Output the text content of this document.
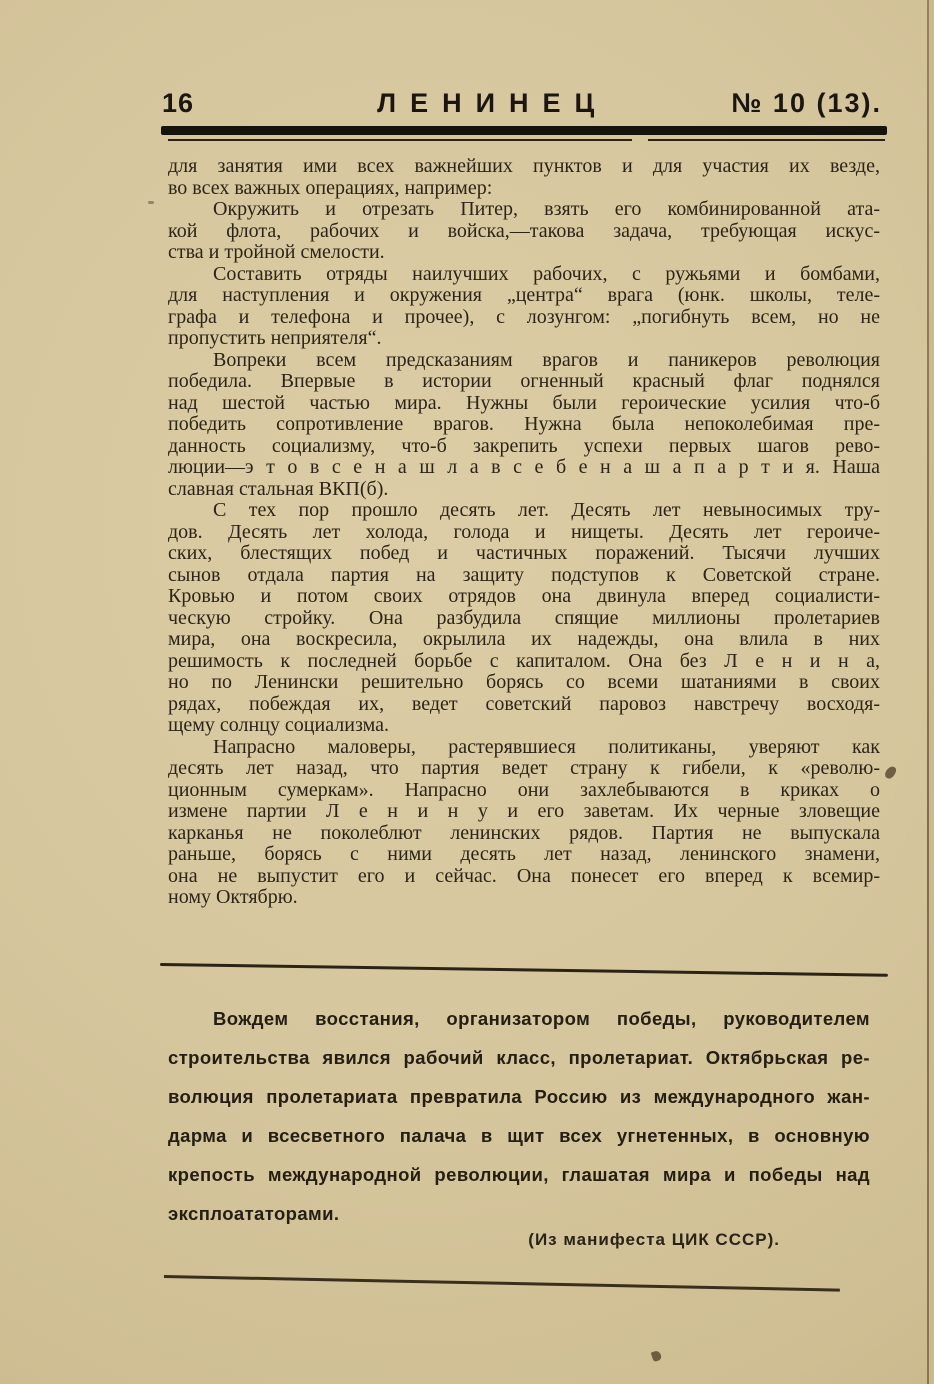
16	ЛЕНИНЕЦ	№ 10 (13).
для занятия ими всех важнейших пунктов и для участия их везде,
во всех важных операциях, например:
Окружить и отрезать Питер, взять его комбинированной ата-
кой флота, рабочих и войска,—такова задача, требующая искус-
ства и тройной смелости.
Составить отряды наилучших рабочих, с ружьями и бомбами,
для наступления и окружения „центра“ врага (юнк. школы, теле-
графа и телефона и прочее), с лозунгом: „погибнуть всем, но не
пропустить неприятеля“.
Вопреки всем предсказаниям врагов и паникеров революция
победила. Впервые в истории огненный красный флаг поднялся
над шестой частью мира. Нужны были героические усилия что-б
победить сопротивление врагов. Нужна была непоколебимая пре-
данность социализму, что-б закрепить успехи первых шагов рево-
люции—э т о в с е н а ш л а в с е б е н а ш а п а р т и я. Наша
славная стальная ВКП(б).
С тех пор прошло десять лет. Десять лет невыносимых тру-
дов. Десять лет холода, голода и нищеты. Десять лет героиче-
ских, блестящих побед и частичных поражений. Тысячи лучших
сынов отдала партия на защиту подступов к Советской стране.
Кровью и потом своих отрядов она двинула вперед социалисти-
ческую стройку. Она разбудила спящие миллионы пролетариев
мира, она воскресила, окрылила их надежды, она влила в них
решимость к последней борьбе с капиталом. Она без Л е н и н а,
но по Ленински решительно борясь со всеми шатаниями в своих
рядах, побеждая их, ведет советский паровоз навстречу восходя-
щему солнцу социализма.
Напрасно маловеры, растерявшиеся политиканы, уверяют как
десять лет назад, что партия ведет страну к гибели, к «револю-
ционным сумеркам». Напрасно они захлебываются в криках о
измене партии Л е н и н у и его заветам. Их черные зловещие
карканья не поколеблют ленинских рядов. Партия не выпускала
раньше, борясь с ними десять лет назад, ленинского знамени,
она не выпустит его и сейчас. Она понесет его вперед к всемир-
ному Октябрю.
Вождем восстания, организатором победы, руководителем
строительства явился рабочий класс, пролетариат. Октябрьская ре-
волюция пролетариата превратила Россию из международного жан-
дарма и всесветного палача в щит всех угнетенных, в основную
крепость международной революции, глашатая мира и победы над
эксплоататорами.
(Из манифеста ЦИК СССР).
